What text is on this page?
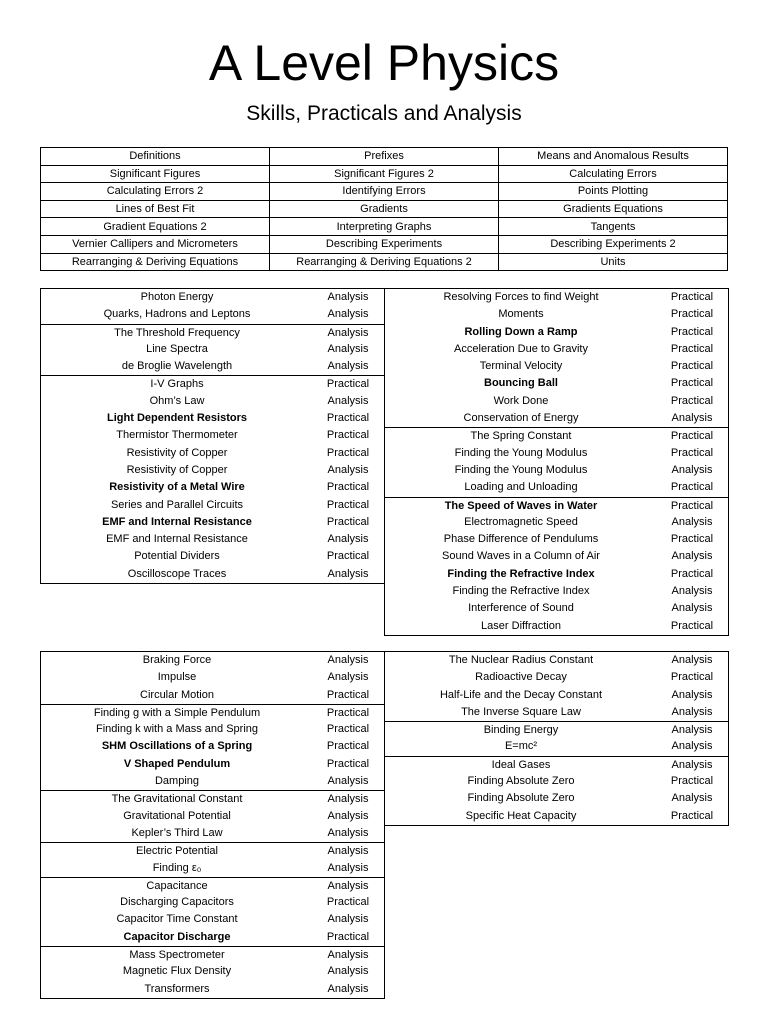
A Level Physics
Skills, Practicals and Analysis
Definitions	Prefixes	Means and Anomalous Results
Significant Figures	Significant Figures 2	Calculating Errors
Calculating Errors 2	Identifying Errors	Points Plotting
Lines of Best Fit	Gradients	Gradients Equations
Gradient Equations 2	Interpreting Graphs	Tangents
Vernier Callipers and Micrometers	Describing Experiments	Describing Experiments 2
Rearranging & Deriving Equations	Rearranging & Deriving Equations 2	Units
Photon Energy	Analysis
Quarks, Hadrons and Leptons	Analysis
The Threshold Frequency	Analysis
Line Spectra	Analysis
de Broglie Wavelength	Analysis
I-V Graphs	Practical
Ohm’s Law	Analysis
Light Dependent Resistors	Practical
Thermistor Thermometer	Practical
Resistivity of Copper	Practical
Resistivity of Copper	Analysis
Resistivity of a Metal Wire	Practical
Series and Parallel Circuits	Practical
EMF and Internal Resistance	Practical
EMF and Internal Resistance	Analysis
Potential Dividers	Practical
Oscilloscope Traces	Analysis
Resolving Forces to find Weight	Practical
Moments	Practical
Rolling Down a Ramp	Practical
Acceleration Due to Gravity	Practical
Terminal Velocity	Practical
Bouncing Ball	Practical
Work Done	Practical
Conservation of Energy	Analysis
The Spring Constant	Practical
Finding the Young Modulus	Practical
Finding the Young Modulus	Analysis
Loading and Unloading	Practical
The Speed of Waves in Water	Practical
Electromagnetic Speed	Analysis
Phase Difference of Pendulums	Practical
Sound Waves in a Column of Air	Analysis
Finding the Refractive Index	Practical
Finding the Refractive Index	Analysis
Interference of Sound	Analysis
Laser Diffraction	Practical
Braking Force	Analysis
Impulse	Analysis
Circular Motion	Practical
Finding g with a Simple Pendulum	Practical
Finding k with a Mass and Spring	Practical
SHM Oscillations of a Spring	Practical
V Shaped Pendulum	Practical
Damping	Analysis
The Gravitational Constant	Analysis
Gravitational Potential	Analysis
Kepler’s Third Law	Analysis
Electric Potential	Analysis
Finding ε₀	Analysis
Capacitance	Analysis
Discharging Capacitors	Practical
Capacitor Time Constant	Analysis
Capacitor Discharge	Practical
Mass Spectrometer	Analysis
Magnetic Flux Density	Analysis
Transformers	Analysis
The Nuclear Radius Constant	Analysis
Radioactive Decay	Practical
Half-Life and the Decay Constant	Analysis
The Inverse Square Law	Analysis
Binding Energy	Analysis
E=mc²	Analysis
Ideal Gases	Analysis
Finding Absolute Zero	Practical
Finding Absolute Zero	Analysis
Specific Heat Capacity	Practical
